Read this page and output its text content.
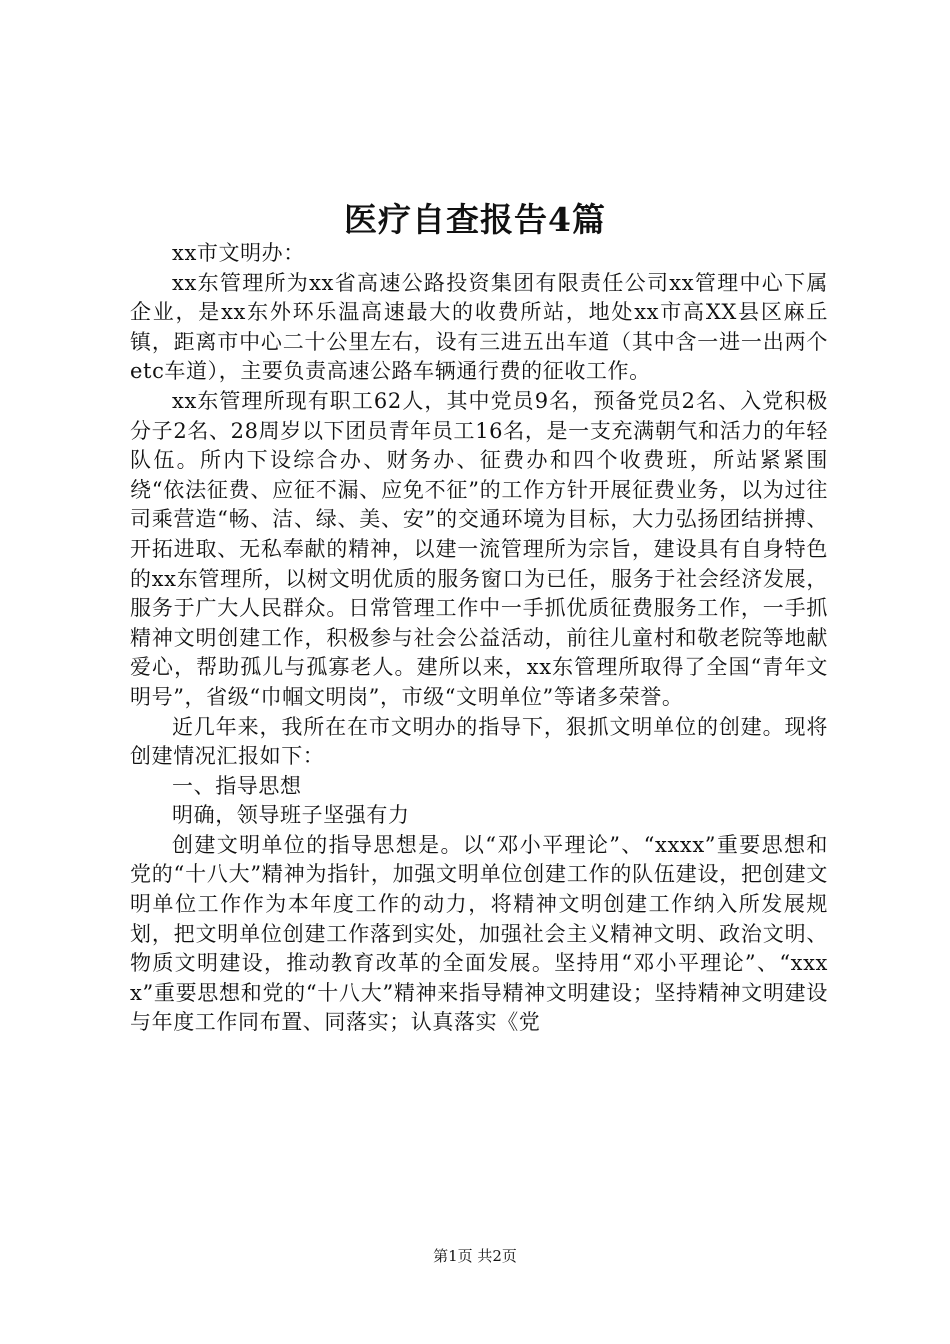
医疗自查报告4篇

xx市文明办：

xx东管理所为xx省高速公路投资集团有限责任公司xx管理中心下属企业，是xx东外环乐温高速最大的收费所站，地处xx市高XX县区麻丘镇，距离市中心二十公里左右，设有三进五出车道（其中含一进一出两个etc车道），主要负责高速公路车辆通行费的征收工作。

xx东管理所现有职工62人，其中党员9名，预备党员2名、入党积极分子2名、28周岁以下团员青年员工16名，是一支充满朝气和活力的年轻队伍。所内下设综合办、财务办、征费办和四个收费班，所站紧紧围绕“依法征费、应征不漏、应免不征”的工作方针开展征费业务，以为过往司乘营造“畅、洁、绿、美、安”的交通环境为目标，大力弘扬团结拼搏、开拓进取、无私奉献的精神，以建一流管理所为宗旨，建设具有自身特色的xx东管理所，以树文明优质的服务窗口为已任，服务于社会经济发展，服务于广大人民群众。日常管理工作中一手抓优质征费服务工作，一手抓精神文明创建工作，积极参与社会公益活动，前往儿童村和敬老院等地献爱心，帮助孤儿与孤寡老人。建所以来，xx东管理所取得了全国“青年文明号”，省级“巾帼文明岗”，市级“文明单位”等诸多荣誉。

近几年来，我所在在市文明办的指导下，狠抓文明单位的创建。现将创建情况汇报如下：

一、指导思想

明确，领导班子坚强有力

创建文明单位的指导思想是。以“邓小平理论”、“xxxx”重要思想和党的“十八大”精神为指针，加强文明单位创建工作的队伍建设，把创建文明单位工作作为本年度工作的动力，将精神文明创建工作纳入所发展规划，把文明单位创建工作落到实处，加强社会主义精神文明、政治文明、物质文明建设，推动教育改革的全面发展。坚持用“邓小平理论”、“xxxx”重要思想和党的“十八大”精神来指导精神文明建设；坚持精神文明建设与年度工作同布置、同落实；认真落实《党

第1页 共2页
